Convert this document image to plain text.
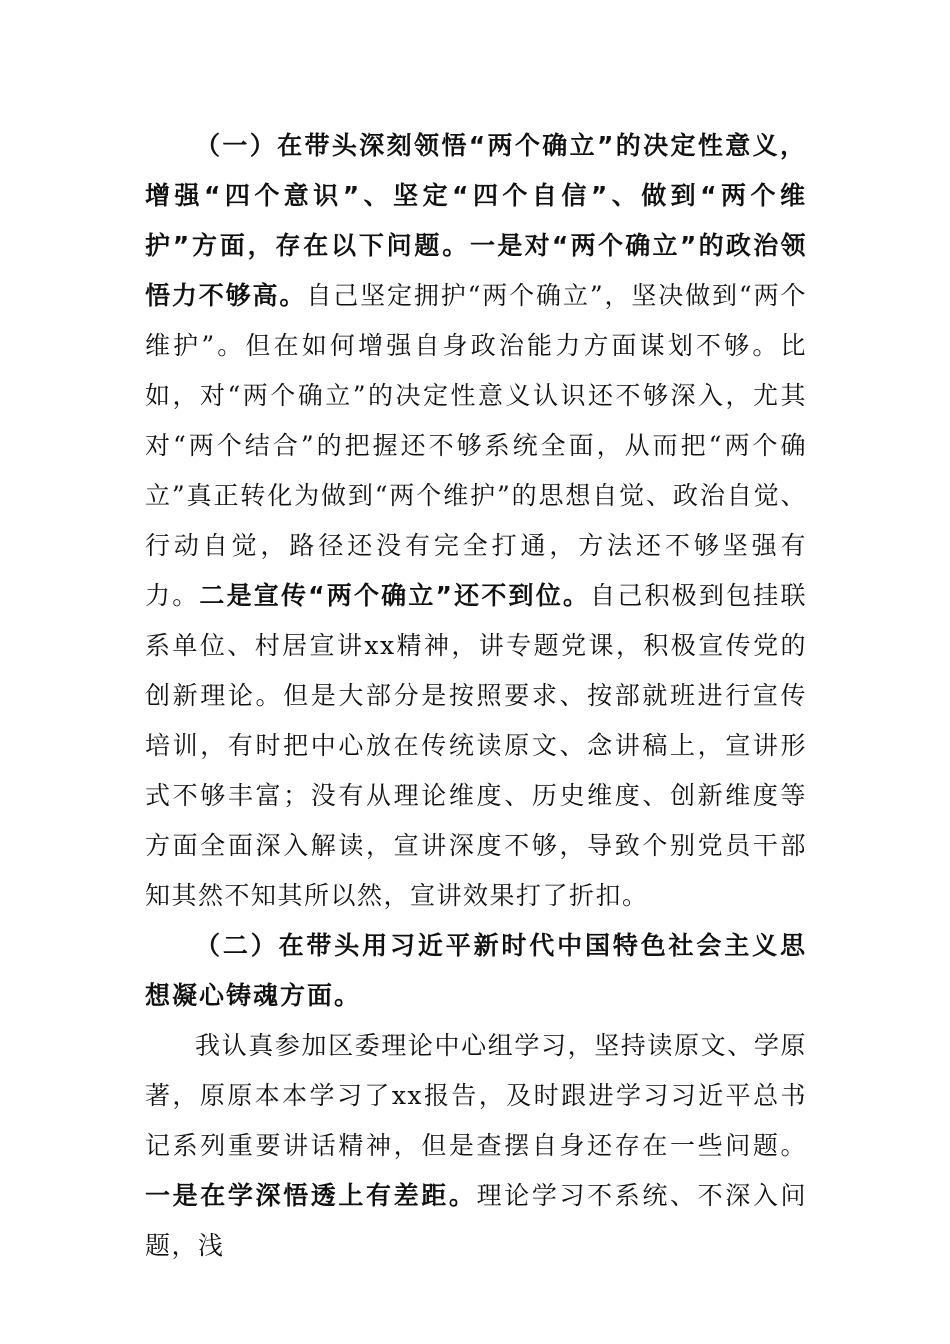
（一）在带头深刻领悟“两个确立”的决定性意义，增强“四个意识”、坚定“四个自信”、做到“两个维护”方面，存在以下问题。一是对“两个确立”的政治领悟力不够高。自己坚定拥护“两个确立”，坚决做到“两个维护”。但在如何增强自身政治能力方面谋划不够。比如，对“两个确立”的决定性意义认识还不够深入，尤其对“两个结合”的把握还不够系统全面，从而把“两个确立”真正转化为做到“两个维护”的思想自觉、政治自觉、行动自觉，路径还没有完全打通，方法还不够坚强有力。二是宣传“两个确立”还不到位。自己积极到包挂联系单位、村居宣讲xx精神，讲专题党课，积极宣传党的创新理论。但是大部分是按照要求、按部就班进行宣传培训，有时把中心放在传统读原文、念讲稿上，宣讲形式不够丰富；没有从理论维度、历史维度、创新维度等方面全面深入解读，宣讲深度不够，导致个别党员干部知其然不知其所以然，宣讲效果打了折扣。

（二）在带头用习近平新时代中国特色社会主义思想凝心铸魂方面。

我认真参加区委理论中心组学习，坚持读原文、学原著，原原本本学习了xx报告，及时跟进学习习近平总书记系列重要讲话精神，但是查摆自身还存在一些问题。一是在学深悟透上有差距。理论学习不系统、不深入问题，浅
